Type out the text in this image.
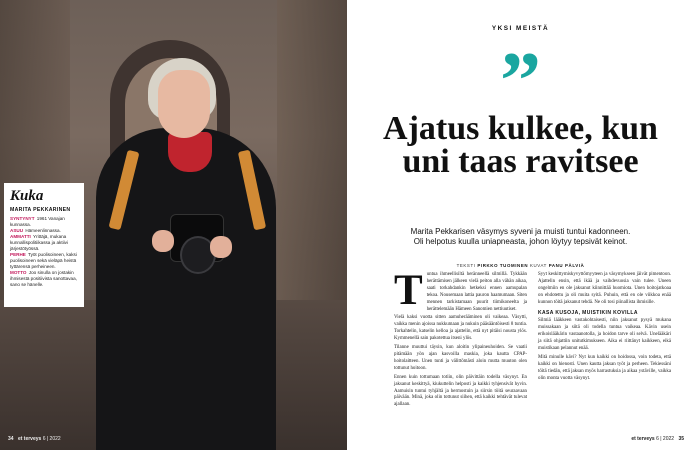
Kuka
MARITA PEKKARINEN

SYNTYNYT 1961 Vanajan kunnassa.

ASUU Hämeenlinnassa.

AMMATTI Yrittäjä, mukana kunnallispolitiikassa ja aktiivi järjestötyössä.

PERHE Työt puolisoineen, kaksi puolisoineen sekä vieläpä heistä tyttärensä perheineen.

MOTTO Joo sinulla on jostakin ihmisestä positiivista sanottavaa, sano se hänelle.

34 et terveys 6 | 2022
YKSI MEISTÄ
”
Ajatus kulkee, kun uni taas ravitsee
Marita Pekkarisen väsymys syveni ja muisti tuntui kadonneen. Oli helpotus kuulla uniapneasta, johon löytyy tepsivät keinot.
TEKSTI PIRKKO TUOMINEN KUVAT PANU PÄLVIÄ
T untua ihmeellisiltä heränneellä silmillä. Tykkään herättämisen jälkeen vielä peiton alla vähän aikaa, saati torkahdankin hetkeksi ennen aamupalan tekoa. Nousemaan lattia pauron haamumaan. Siten mennen tarkistamaan puurit tiimikoneelta ja herättelemään Hämeen Sanomien nettiuutiset.

Vielä kaksi vuotta sitten aamuherääminen oli vaikeaa. Väsytti, vaikka menin ajoissa nukkumaan ja nukuin pääsääntöisesti 8 tuntia. Torkahtelin, katselin kelloa ja ajattelin, että nyt pitäisi nousta ylös. Kymmenellä sain pakotettua itseni ylös.

Tilanne muuttui täysin, kun aloitin ylipaineuhoiden. Se vaatii pitämään yön ajan kasvoilla maskia, joka kautta CPAP-hoitolaitteen. Unen tunti ja välittömästi aloin mutta muuton olen tottunut hoitoon.

Ennen kuin tottumaan totiin, olin päivittäin todella väsynyt. En jaksanut keskittyä, kiukuttelin helposti ja kaikki tyhjensivät hyvin. Aamuisin tuntui tyhjältä ja hermostuin ja siirsin töitä seuraavaan päivään. Minä, joka olin tottunut siihen, että kaikki tehtävät tulevat ajallaan.

Syyt keskittymiskyvyttömyyteen ja väsymykseen jäivät pimentoon. Ajattelin ensin, että ikää ja vaihdevuosia vain tulee. Uneen ongelmiin en ole jaksanut kiinnittää huomiota. Unen hoitojatkoaa on ehdotettu ja oli muita syitä. Puhuin, että en ole viikkoa enää kunnon töitä jaksanut tehdä. Ne oli tosi piinallista ihmisille.

KASA KUSOJA, MUISTIKIN KOVILLA

Silmiä lääkkeen vastakohtaisesti, niin jaksanut pysyä mukana muissakaan ja siitä oli todella tuntua vaikeaa. Kävin usein erikoislääkärin vastaanotolla, ja hoidon tarve oli selvä. Unelääkäri ja siitä ohjattiin unitutkimukseen. Aika ei riittänyt kaikkeen, eikä muistikaan pelannut enää.

Mitä minulle kävi? Nyt kun kaikki on hoidossa, voin todeta, että kaikki on hienosti. Unen kautta jaksan työt ja perheen. Tekiessäni töitä tiedän, että jaksan myös harrastuksia ja aikaa ystäville, vaikka olin monta vuotta väsynyt.

et terveys 6 | 2022 35
